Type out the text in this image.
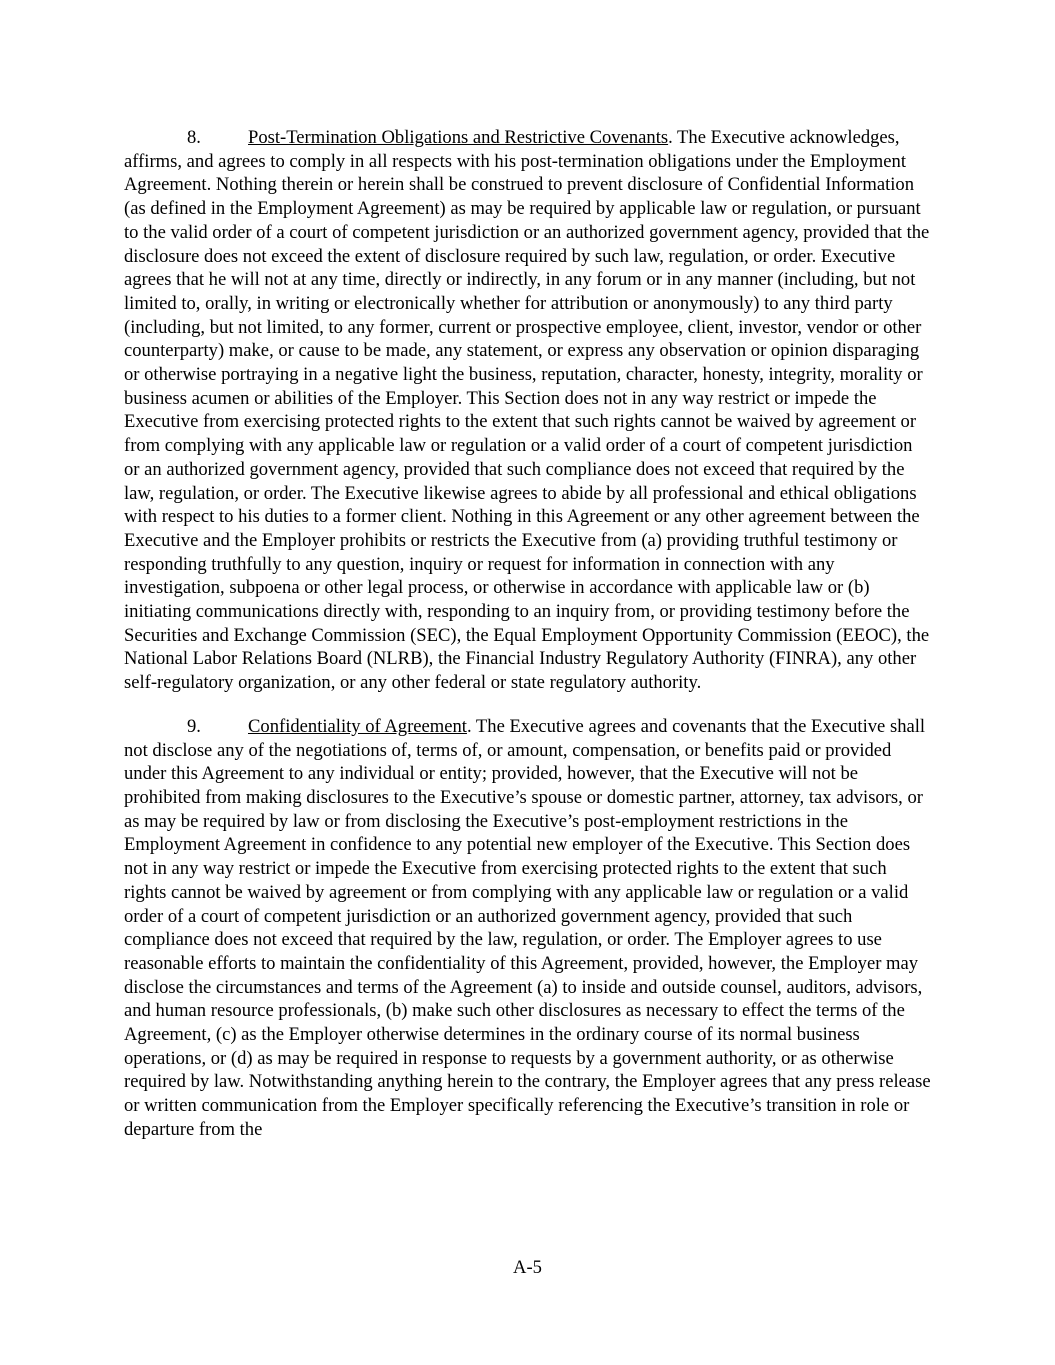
8.	Post-Termination Obligations and Restrictive Covenants. The Executive acknowledges, affirms, and agrees to comply in all respects with his post-termination obligations under the Employment Agreement. Nothing therein or herein shall be construed to prevent disclosure of Confidential Information (as defined in the Employment Agreement) as may be required by applicable law or regulation, or pursuant to the valid order of a court of competent jurisdiction or an authorized government agency, provided that the disclosure does not exceed the extent of disclosure required by such law, regulation, or order. Executive agrees that he will not at any time, directly or indirectly, in any forum or in any manner (including, but not limited to, orally, in writing or electronically whether for attribution or anonymously) to any third party (including, but not limited, to any former, current or prospective employee, client, investor, vendor or other counterparty) make, or cause to be made, any statement, or express any observation or opinion disparaging or otherwise portraying in a negative light the business, reputation, character, honesty, integrity, morality or business acumen or abilities of the Employer. This Section does not in any way restrict or impede the Executive from exercising protected rights to the extent that such rights cannot be waived by agreement or from complying with any applicable law or regulation or a valid order of a court of competent jurisdiction or an authorized government agency, provided that such compliance does not exceed that required by the law, regulation, or order. The Executive likewise agrees to abide by all professional and ethical obligations with respect to his duties to a former client. Nothing in this Agreement or any other agreement between the Executive and the Employer prohibits or restricts the Executive from (a) providing truthful testimony or responding truthfully to any question, inquiry or request for information in connection with any investigation, subpoena or other legal process, or otherwise in accordance with applicable law or (b) initiating communications directly with, responding to an inquiry from, or providing testimony before the Securities and Exchange Commission (SEC), the Equal Employment Opportunity Commission (EEOC), the National Labor Relations Board (NLRB), the Financial Industry Regulatory Authority (FINRA), any other self-regulatory organization, or any other federal or state regulatory authority.

9.	Confidentiality of Agreement. The Executive agrees and covenants that the Executive shall not disclose any of the negotiations of, terms of, or amount, compensation, or benefits paid or provided under this Agreement to any individual or entity; provided, however, that the Executive will not be prohibited from making disclosures to the Executive’s spouse or domestic partner, attorney, tax advisors, or as may be required by law or from disclosing the Executive’s post-employment restrictions in the Employment Agreement in confidence to any potential new employer of the Executive. This Section does not in any way restrict or impede the Executive from exercising protected rights to the extent that such rights cannot be waived by agreement or from complying with any applicable law or regulation or a valid order of a court of competent jurisdiction or an authorized government agency, provided that such compliance does not exceed that required by the law, regulation, or order. The Employer agrees to use reasonable efforts to maintain the confidentiality of this Agreement, provided, however, the Employer may disclose the circumstances and terms of the Agreement (a) to inside and outside counsel, auditors, advisors, and human resource professionals, (b) make such other disclosures as necessary to effect the terms of the Agreement, (c) as the Employer otherwise determines in the ordinary course of its normal business operations, or (d) as may be required in response to requests by a government authority, or as otherwise required by law. Notwithstanding anything herein to the contrary, the Employer agrees that any press release or written communication from the Employer specifically referencing the Executive’s transition in role or departure from the

A-5
